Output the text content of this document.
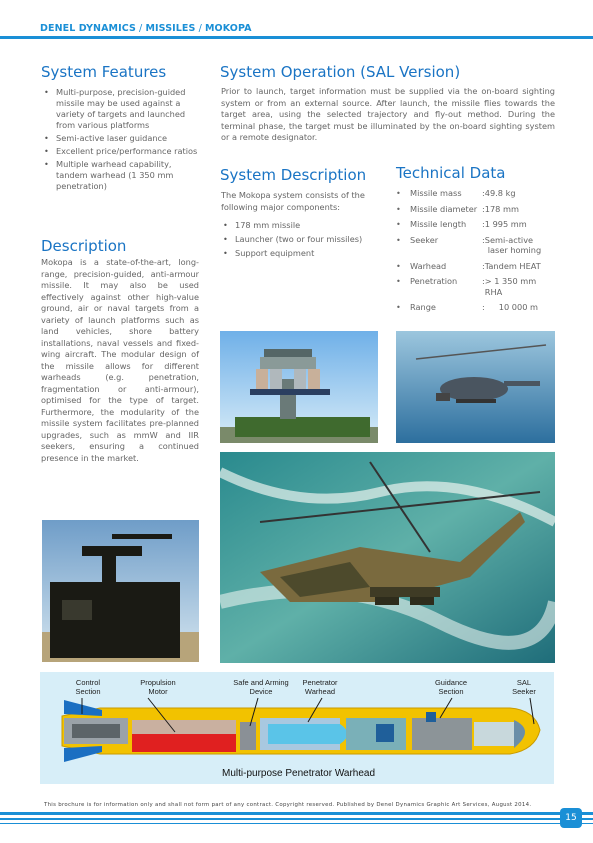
DENEL DYNAMICS / MISSILES / MOKOPA
System Features
• Multi-purpose, precision-guided missile may be used against a variety of targets and launched from various platforms
• Semi-active laser guidance
• Excellent price/performance ratios
• Multiple warhead capability, tandem warhead (1 350 mm penetration)
Description

Mokopa is a state-of-the-art, long-range, precision-guided, anti-armour missile. It may also be used effectively against other high-value ground, air or naval targets from a variety of launch platforms such as land vehicles, shore battery installations, naval vessels and fixed-wing aircraft. The modular design of the missile allows for different warheads (e.g. penetration, fragmentation or anti-armour), optimised for the type of target. Furthermore, the modularity of the missile system facilitates pre-planned upgrades, such as mmW and IIR seekers, ensuring a continued presence in the market.

System Operation (SAL Version)

Prior to launch, target information must be supplied via the on-board sighting system or from an external source. After launch, the missile flies towards the target area, using the selected trajectory and fly-out method. During the terminal phase, the target must be illuminated by the on-board sighting system or a remote designator.

System Description

The Mokopa system consists of the following major components:

• 178 mm missile
• Launcher (two or four missiles)
• Support equipment
Technical Data
•	Missile mass	:	49.8 kg
•	Missile diameter	:	178 mm
•	Missile length	:	1 995 mm
•	Seeker	:	Semi-active
laser homing
•	Warhead	:	Tandem HEAT
•	Penetration	:	> 1 350 mm
RHA
•	Range	:	10 000 m
Control
Section
Propulsion
Motor
Safe and Arming
Device
Penetrator
Warhead
Guidance
Section
SAL
Seeker
Multi-purpose Penetrator Warhead
This brochure is for information only and shall not form part of any contract. Copyright reserved. Published by Denel Dynamics Graphic Art Services, August 2014.
15
